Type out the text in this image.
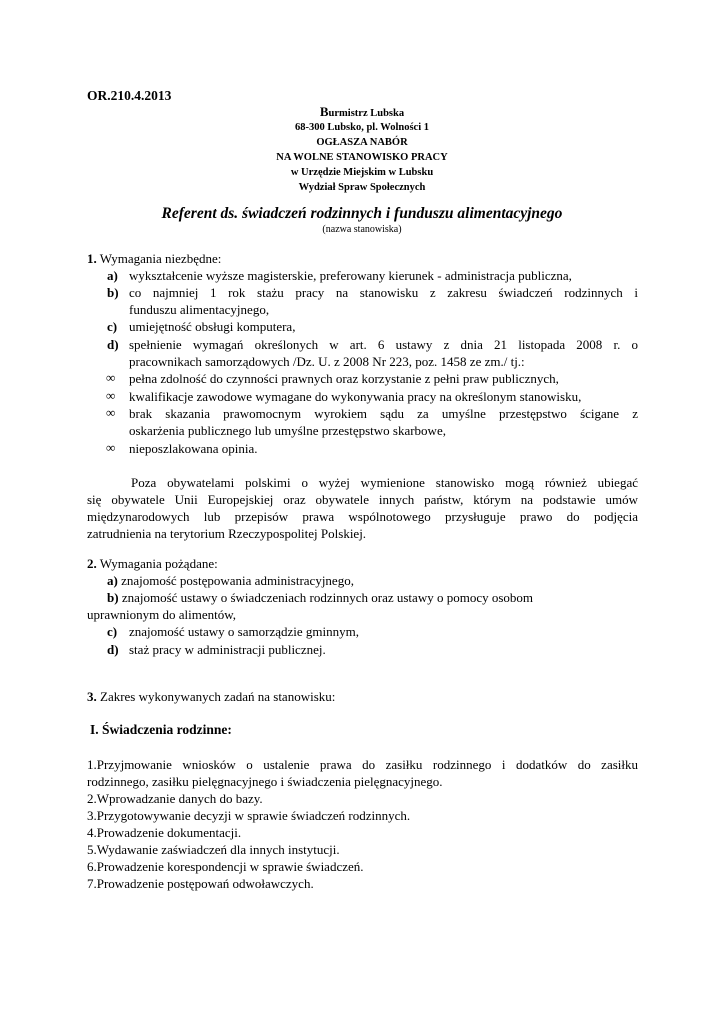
OR.210.4.2013
Burmistrz Lubska
68-300 Lubsko, pl. Wolności 1
OGŁASZA NABÓR
NA WOLNE STANOWISKO PRACY
w Urzędzie Miejskim w Lubsku
Wydział Spraw Społecznych
Referent ds. świadczeń rodzinnych i funduszu alimentacyjnego
(nazwa stanowiska)
1. Wymagania niezbędne:
a) wykształcenie wyższe magisterskie, preferowany kierunek - administracja publiczna,
b) co najmniej 1 rok stażu pracy na stanowisku z zakresu świadczeń rodzinnych i
funduszu alimentacyjnego,
c) umiejętność obsługi komputera,
d) spełnienie wymagań określonych w art. 6 ustawy z dnia 21 listopada 2008 r. o
pracownikach samorządowych /Dz. U. z 2008 Nr 223, poz. 1458 ze zm./ tj.:
∞ pełna zdolność do czynności prawnych oraz korzystanie z pełni praw publicznych,
∞ kwalifikacje zawodowe wymagane do wykonywania pracy na określonym stanowisku,
∞ brak skazania prawomocnym wyrokiem sądu za umyślne przestępstwo ścigane z
oskarżenia publicznego lub umyślne przestępstwo skarbowe,
∞ nieposzlakowana opinia.
Poza obywatelami polskimi o wyżej wymienione stanowisko mogą również ubiegać
się obywatele Unii Europejskiej oraz obywatele innych państw, którym na podstawie umów
międzynarodowych lub przepisów prawa wspólnotowego przysługuje prawo do podjęcia
zatrudnienia na terytorium Rzeczypospolitej Polskiej.
2. Wymagania pożądane:
a) znajomość postępowania administracyjnego,
b) znajomość ustawy o świadczeniach rodzinnych oraz ustawy o pomocy osobom
uprawnionym do alimentów,
c) znajomość ustawy o samorządzie gminnym,
d) staż pracy w administracji publicznej.
3. Zakres wykonywanych zadań na stanowisku:
I. Świadczenia rodzinne:
1.Przyjmowanie wniosków o ustalenie prawa do zasiłku rodzinnego i dodatków do zasiłku
rodzinnego, zasiłku pielęgnacyjnego i świadczenia pielęgnacyjnego.
2.Wprowadzanie danych do bazy.
3.Przygotowywanie decyzji w sprawie świadczeń rodzinnych.
4.Prowadzenie dokumentacji.
5.Wydawanie zaświadczeń dla innych instytucji.
6.Prowadzenie korespondencji w sprawie świadczeń.
7.Prowadzenie postępowań odwoławczych.
